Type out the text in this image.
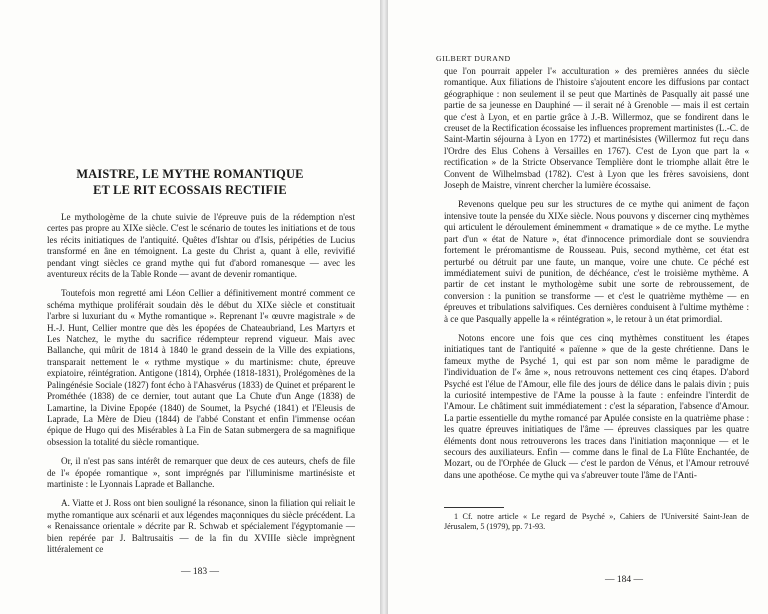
MAISTRE, LE MYTHE ROMANTIQUE
ET LE RIT ECOSSAIS RECTIFIE

Le mythologème de la chute suivie de l'épreuve puis de la rédemption n'est certes pas propre au XIXe siècle. C'est le scénario de toutes les initiations et de tous les récits initiatiques de l'antiquité. Quêtes d'Ishtar ou d'Isis, péripéties de Lucius transformé en âne en témoignent. La geste du Christ a, quant à elle, revivifié pendant vingt siècles ce grand mythe qui fut d'abord romanesque — avec les aventureux récits de la Table Ronde — avant de devenir romantique.

Toutefois mon regretté ami Léon Cellier a définitivement montré comment ce schéma mythique proliférait soudain dès le début du XIXe siècle et constituait l'arbre si luxuriant du « Mythe romantique ». Reprenant l'« œuvre magistrale » de H.-J. Hunt, Cellier montre que dès les épopées de Chateaubriand, Les Martyrs et Les Natchez, le mythe du sacrifice rédempteur reprend vigueur. Mais avec Ballanche, qui mûrit de 1814 à 1840 le grand dessein de la Ville des expiations, transparait nettement le « rythme mystique » du martinisme: chute, épreuve expiatoire, réintégration. Antigone (1814), Orphée (1818-1831), Prolégomènes de la Palingénésie Sociale (1827) font écho à l'Ahasvérus (1833) de Quinet et préparent le Prométhée (1838) de ce dernier, tout autant que La Chute d'un Ange (1838) de Lamartine, la Divine Epopée (1840) de Soumet, la Psyché (1841) et l'Eleusis de Laprade, La Mère de Dieu (1844) de l'abbé Constant et enfin l'immense océan épique de Hugo qui des Misérables à La Fin de Satan submergera de sa magnifique obsession la totalité du siècle romantique.

Or, il n'est pas sans intérêt de remarquer que deux de ces auteurs, chefs de file de l'« épopée romantique », sont imprégnés par l'illuminisme martinésiste et martiniste : le Lyonnais Laprade et Ballanche.

A. Viatte et J. Ross ont bien souligné la résonance, sinon la filiation qui reliait le mythe romantique aux scénarii et aux légendes maçonniques du siècle précédent. La « Renaissance orientale » décrite par R. Schwab et spécialement l'égyptomanie — bien repérée par J. Baltrusaitis — de la fin du XVIIIe siècle imprègnent littéralement ce

— 183 —
GILBERT DURAND

que l'on pourrait appeler l'« acculturation » des premières années du siècle romantique. Aux filiations de l'histoire s'ajoutent encore les diffusions par contact géographique : non seulement il se peut que Martinès de Pasqually ait passé une partie de sa jeunesse en Dauphiné — il serait né à Grenoble — mais il est certain que c'est à Lyon, et en partie grâce à J.-B. Willermoz, que se fondirent dans le creuset de la Rectification écossaise les influences proprement martinistes (L.-C. de Saint-Martin séjourna à Lyon en 1772) et martinésistes (Willermoz fut reçu dans l'Ordre des Elus Cohens à Versailles en 1767). C'est de Lyon que part la « rectification » de la Stricte Observance Templière dont le triomphe allait être le Convent de Wilhelmsbad (1782). C'est à Lyon que les frères savoisiens, dont Joseph de Maistre, vinrent chercher la lumière écossaise.

Revenons quelque peu sur les structures de ce mythe qui animent de façon intensive toute la pensée du XIXe siècle. Nous pouvons y discerner cinq mythèmes qui articulent le déroulement éminemment « dramatique » de ce mythe. Le mythe part d'un « état de Nature », état d'innocence primordiale dont se souviendra fortement le préromantisme de Rousseau. Puis, second mythème, cet état est perturbé ou détruit par une faute, un manque, voire une chute. Ce péché est immédiatement suivi de punition, de déchéance, c'est le troisième mythème. A partir de cet instant le mythologème subit une sorte de rebroussement, de conversion : la punition se transforme — et c'est le quatrième mythème — en épreuves et tribulations salvifiques. Ces dernières conduisent à l'ultime mythème : à ce que Pasqually appelle la « réintégration », le retour à un état primordial.

Notons encore une fois que ces cinq mythèmes constituent les étapes initiatiques tant de l'antiquité « païenne » que de la geste chrétienne. Dans le fameux mythe de Psyché 1, qui est par son nom même le paradigme de l'individuation de l'« âme », nous retrouvons nettement ces cinq étapes. D'abord Psyché est l'élue de l'Amour, elle file des jours de délice dans le palais divin ; puis la curiosité intempestive de l'Ame la pousse à la faute : enfeindre l'interdit de l'Amour. Le châtiment suit immédiatement : c'est la séparation, l'absence d'Amour. La partie essentielle du mythe romancé par Apulée consiste en la quatrième phase : les quatre épreuves initiatiques de l'âme — épreuves classiques par les quatre éléments dont nous retrouverons les traces dans l'initiation maçonnique — et le secours des auxiliateurs. Enfin — comme dans le final de La Flûte Enchantée, de Mozart, ou de l'Orphée de Gluck — c'est le pardon de Vénus, et l'Amour retrouvé dans une apothéose. Ce mythe qui va s'abreuver toute l'âme de l'Anti-

1 Cf. notre article « Le regard de Psyché », Cahiers de l'Université Saint-Jean de Jérusalem, 5 (1979), pp. 71-93.
— 184 —
